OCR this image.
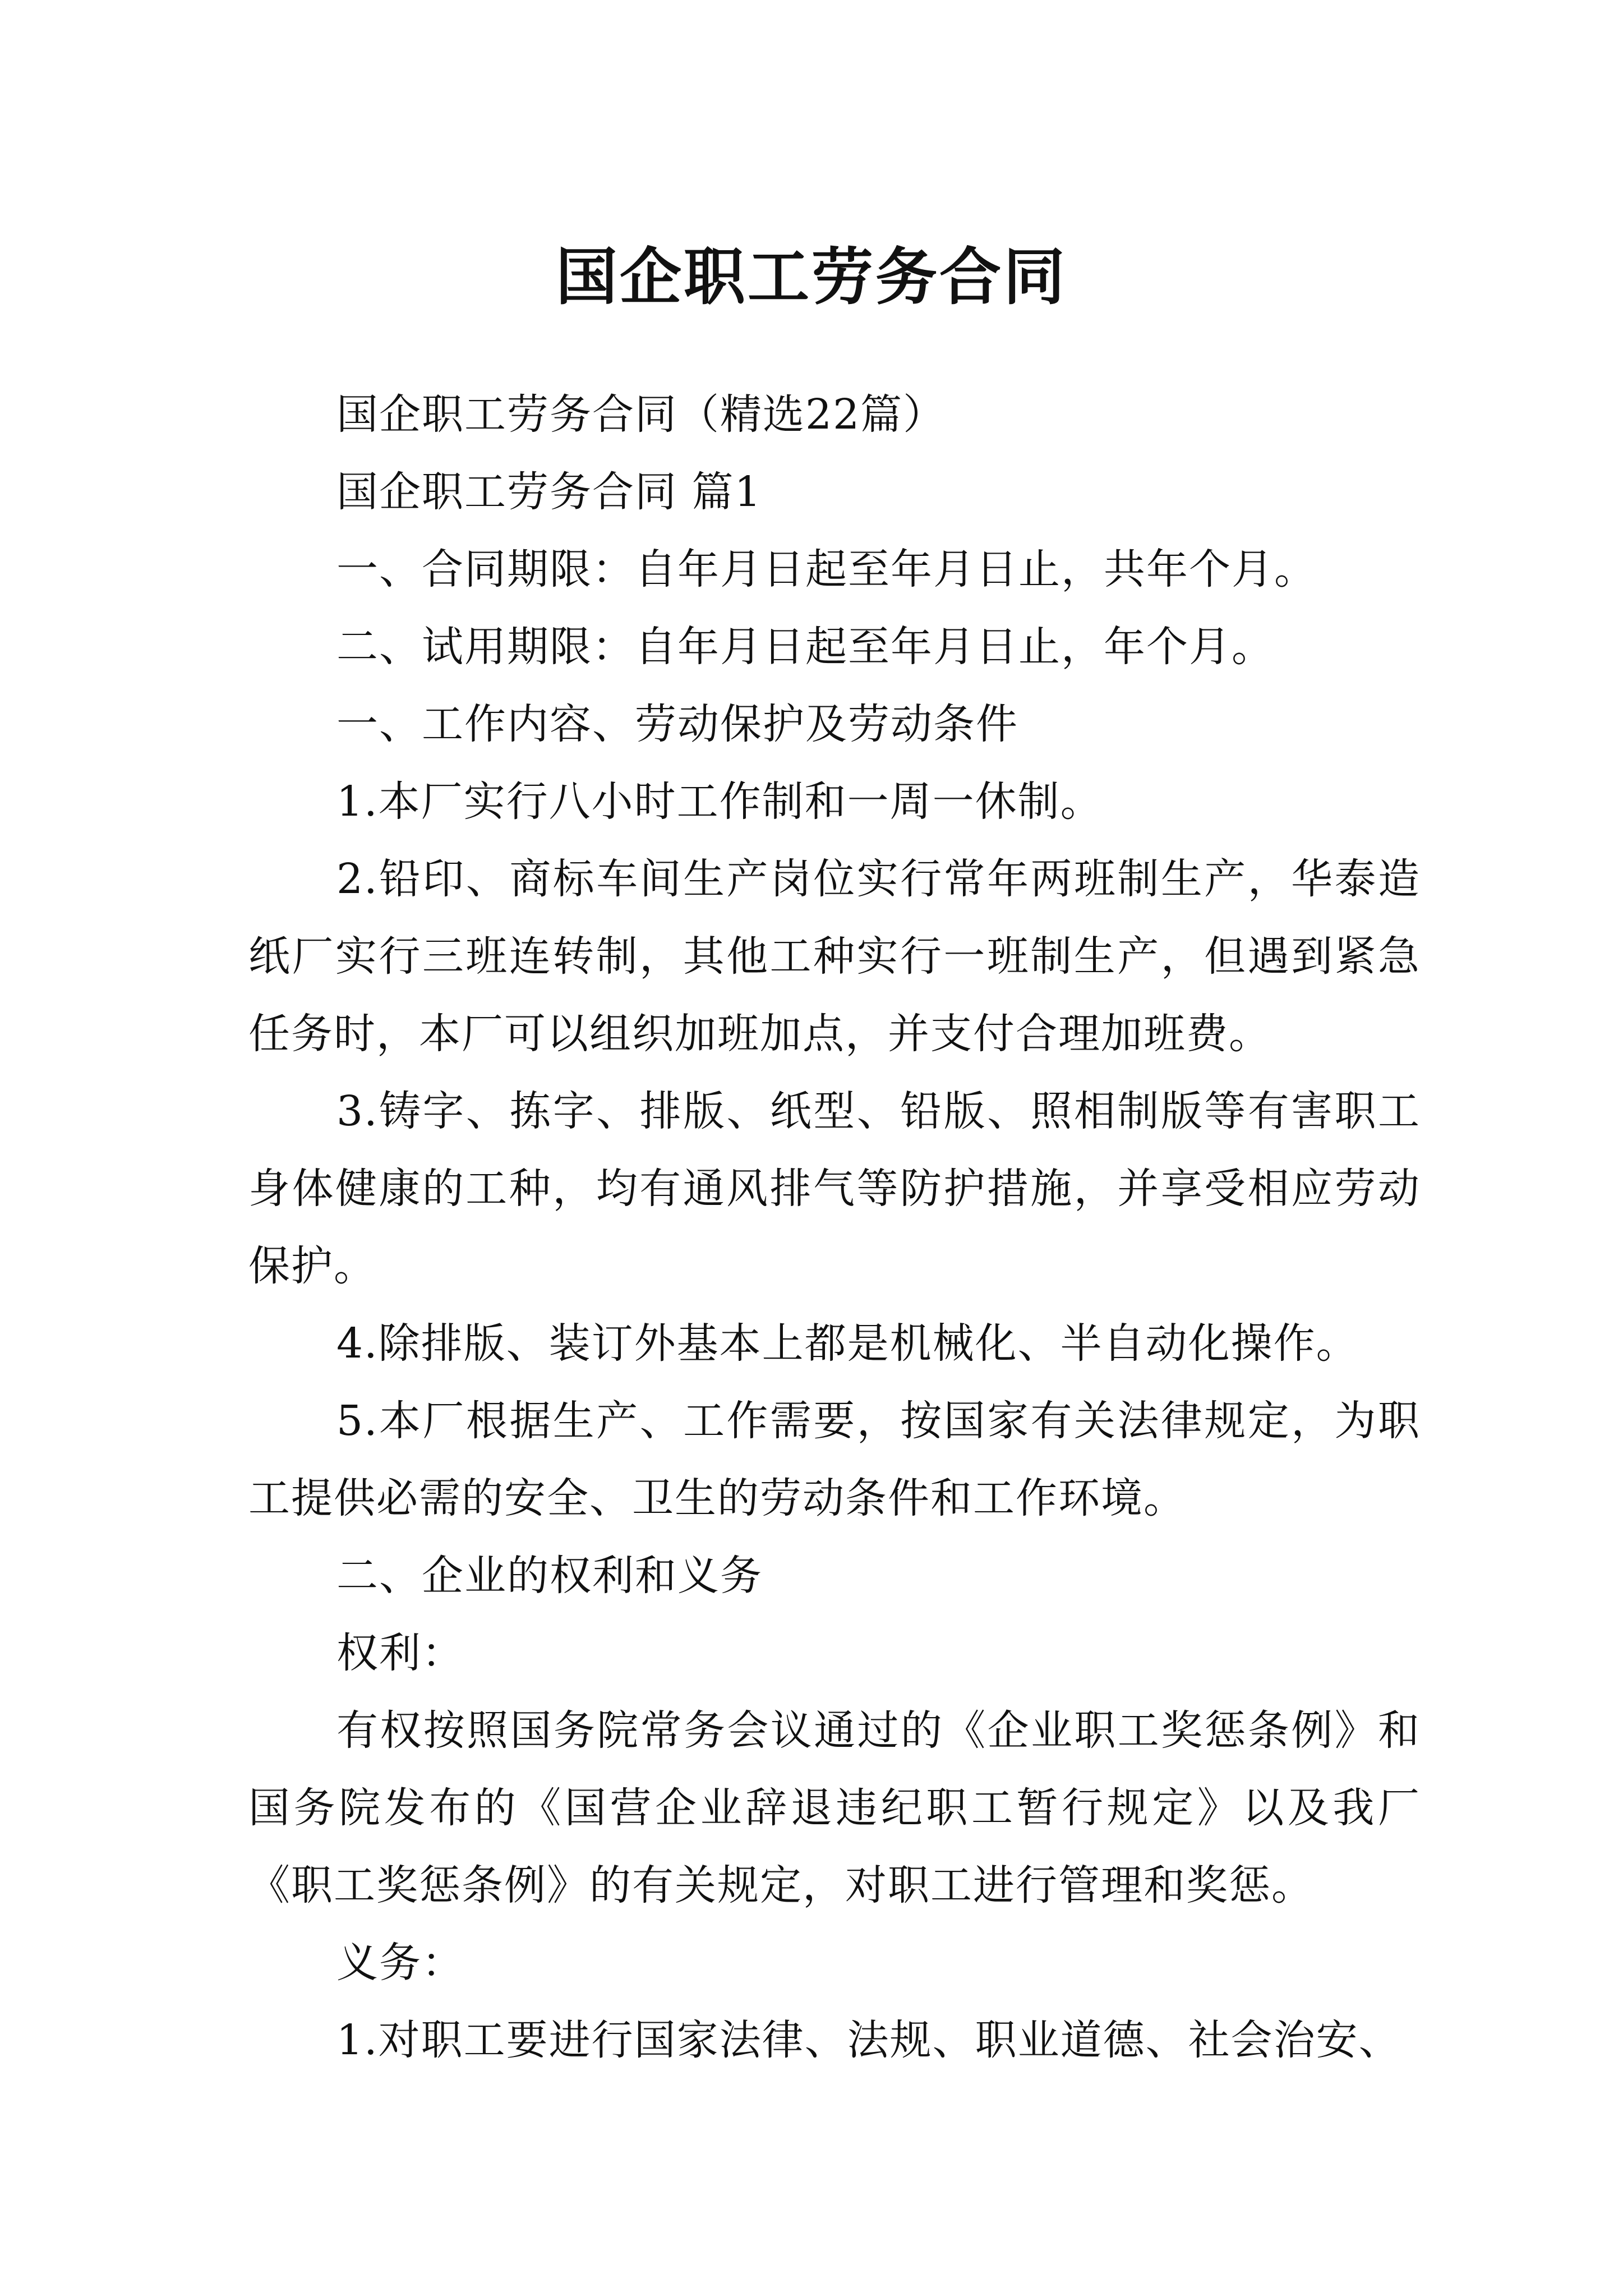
国企职工劳务合同

国企职工劳务合同（精选22篇）

国企职工劳务合同 篇1

一、合同期限：自年月日起至年月日止，共年个月。

二、试用期限：自年月日起至年月日止，年个月。

一、工作内容、劳动保护及劳动条件

1.本厂实行八小时工作制和一周一休制。

2.铅印、商标车间生产岗位实行常年两班制生产，华泰造纸厂实行三班连转制，其他工种实行一班制生产，但遇到紧急任务时，本厂可以组织加班加点，并支付合理加班费。

3.铸字、拣字、排版、纸型、铅版、照相制版等有害职工身体健康的工种，均有通风排气等防护措施，并享受相应劳动保护。

4.除排版、装订外基本上都是机械化、半自动化操作。

5.本厂根据生产、工作需要，按国家有关法律规定，为职工提供必需的安全、卫生的劳动条件和工作环境。

二、企业的权利和义务

权利：

有权按照国务院常务会议通过的《企业职工奖惩条例》和国务院发布的《国营企业辞退违纪职工暂行规定》以及我厂《职工奖惩条例》的有关规定，对职工进行管理和奖惩。

义务：

1.对职工要进行国家法律、法规、职业道德、社会治安、
